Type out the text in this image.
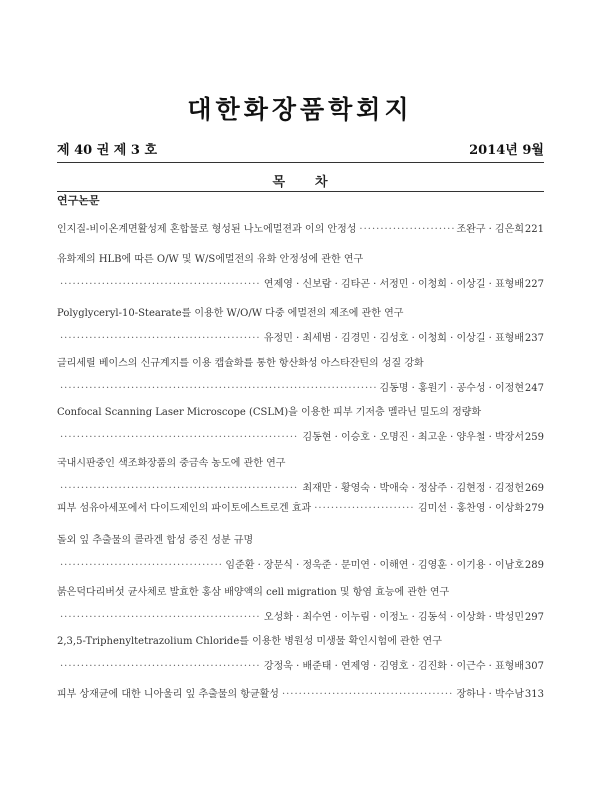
대한화장품학회지
제 40 권 제 3 호	2014년 9월
목차
연구논문
인지질-비이온계면활성제 혼합물로 형성된 나노에멀젼과 이의 안정성 ·····	조완구 · 김은희 221
유화제의 HLB에 따른 O/W 및 W/S에멀전의 유화 안정성에 관한 연구
·····
연제영 · 신보람 · 김타곤 · 서정민 · 이청희 · 이상길 · 표형배 227
Polyglyceryl-10-Stearate를 이용한 W/O/W 다중 에멀전의 제조에 관한 연구
·····
유정민 · 최세범 · 김경민 · 김성호 · 이청희 · 이상길 · 표형배 237
글리세릴 베이스의 신규계지를 이용 캡슐화를 통한 항산화성 아스타잔틴의 성질 강화
·····
김동명 · 홍원기 · 공수성 · 이정현 247
Confocal Scanning Laser Microscope (CSLM)을 이용한 피부 기저층 멜라닌 밀도의 정량화
·····
김동현 · 이승호 · 오명진 · 최고운 · 양우철 · 박장서 259
국내시판중인 색조화장품의 중금속 농도에 관한 연구
·····
최재만 · 황영숙 · 박애숙 · 정삼주 · 김현정 · 김정헌 269
피부 섬유아세포에서 다이드제인의 파이토에스트로겐 효과 ·····	김미선 · 홍찬영 · 이상화 279
돌외 잎 추출물의 콜라겐 합성 증진 성분 규명
·····
임준환 · 장문식 · 정욱준 · 문미연 · 이해연 · 김영훈 · 이기용 · 이남호 289
붉은덕다리버섯 균사체로 발효한 홍삼 배양액의 cell migration 및 항염 효능에 관한 연구
·····
오성화 · 최수연 · 이누림 · 이정노 · 김동석 · 이상화 · 박성민 297
2,3,5-Triphenyltetrazolium Chloride를 이용한 병원성 미생물 확인시험에 관한 연구
·····
강정욱 · 배준태 · 연제영 · 김영호 · 김진화 · 이근수 · 표형배 307
피부 상재균에 대한 니아울리 잎 추출물의 항균활성 ·····	장하나 · 박수남 313
